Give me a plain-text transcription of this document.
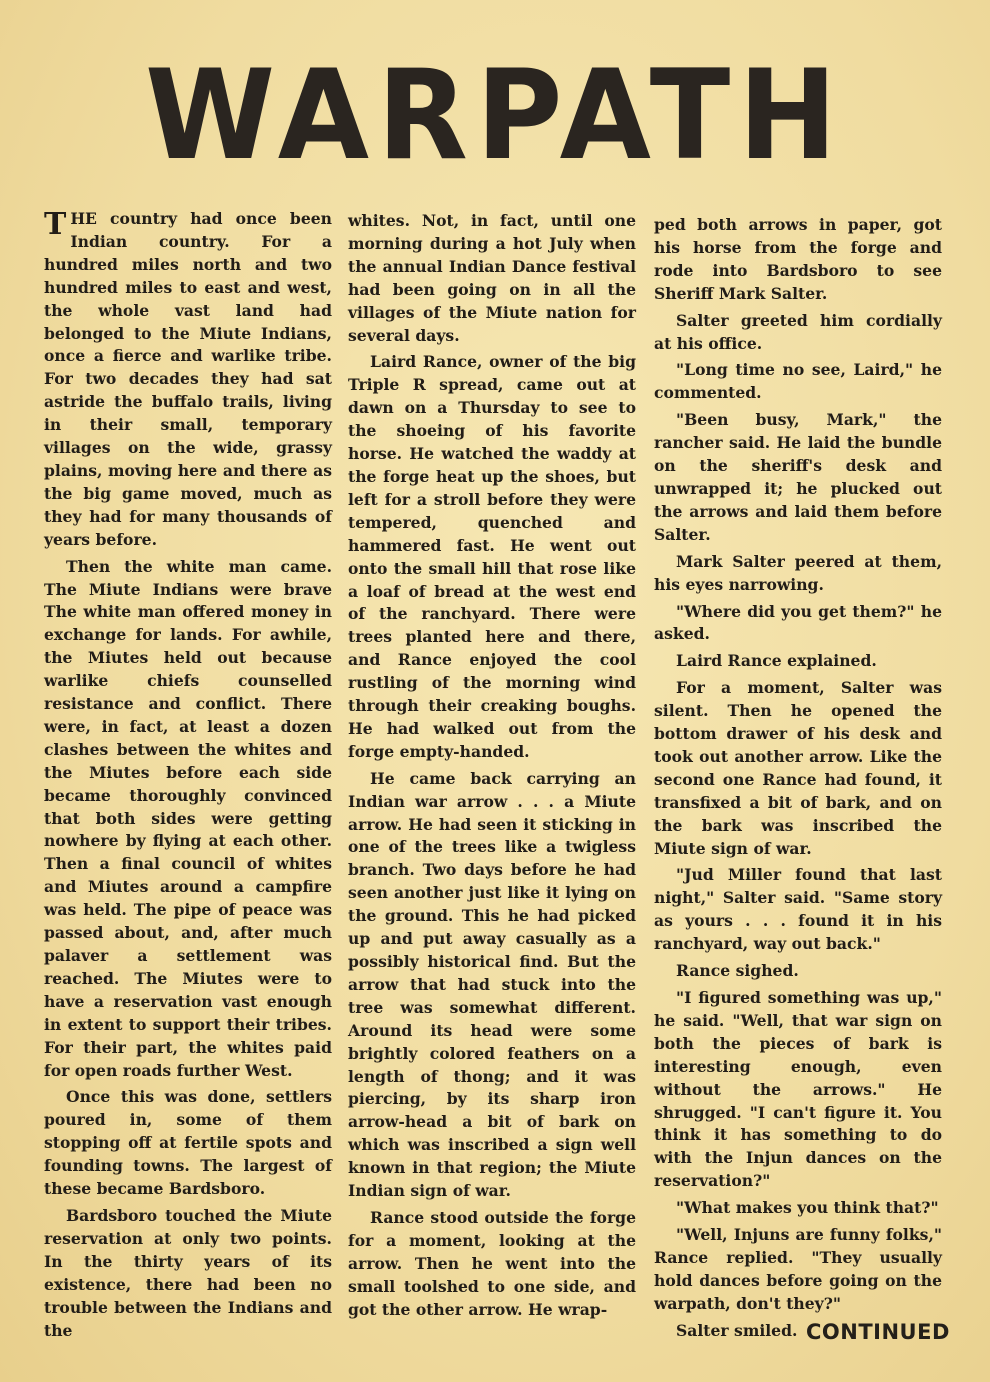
WARPATH

THE country had once been Indian country. For a hundred miles north and two hundred miles to east and west, the whole vast land had belonged to the Miute Indians, once a fierce and warlike tribe. For two decades they had sat astride the buffalo trails, living in their small, temporary villages on the wide, grassy plains, moving here and there as the big game moved, much as they had for many thousands of years before.

Then the white man came. The Miute Indians were brave The white man offered money in exchange for lands. For awhile, the Miutes held out because warlike chiefs counselled resistance and conflict. There were, in fact, at least a dozen clashes between the whites and the Miutes before each side became thoroughly convinced that both sides were getting nowhere by flying at each other. Then a final council of whites and Miutes around a campfire was held. The pipe of peace was passed about, and, after much palaver a settlement was reached. The Miutes were to have a reservation vast enough in extent to support their tribes. For their part, the whites paid for open roads further West.

Once this was done, settlers poured in, some of them stopping off at fertile spots and founding towns. The largest of these became Bardsboro.

Bardsboro touched the Miute reservation at only two points. In the thirty years of its existence, there had been no trouble between the Indians and the

whites. Not, in fact, until one morning during a hot July when the annual Indian Dance festival had been going on in all the villages of the Miute nation for several days.

Laird Rance, owner of the big Triple R spread, came out at dawn on a Thursday to see to the shoeing of his favorite horse. He watched the waddy at the forge heat up the shoes, but left for a stroll before they were tempered, quenched and hammered fast. He went out onto the small hill that rose like a loaf of bread at the west end of the ranchyard. There were trees planted here and there, and Rance enjoyed the cool rustling of the morning wind through their creaking boughs. He had walked out from the forge empty-handed.

He came back carrying an Indian war arrow . . . a Miute arrow. He had seen it sticking in one of the trees like a twigless branch. Two days before he had seen another just like it lying on the ground. This he had picked up and put away casually as a possibly historical find. But the arrow that had stuck into the tree was somewhat different. Around its head were some brightly colored feathers on a length of thong; and it was piercing, by its sharp iron arrow-head a bit of bark on which was inscribed a sign well known in that region; the Miute Indian sign of war.

Rance stood outside the forge for a moment, looking at the arrow. Then he went into the small toolshed to one side, and got the other arrow. He wrap-

ped both arrows in paper, got his horse from the forge and rode into Bardsboro to see Sheriff Mark Salter.

Salter greeted him cordially at his office.

"Long time no see, Laird," he commented.

"Been busy, Mark," the rancher said. He laid the bundle on the sheriff's desk and unwrapped it; he plucked out the arrows and laid them before Salter.

Mark Salter peered at them, his eyes narrowing.

"Where did you get them?" he asked.

Laird Rance explained.

For a moment, Salter was silent. Then he opened the bottom drawer of his desk and took out another arrow. Like the second one Rance had found, it transfixed a bit of bark, and on the bark was inscribed the Miute sign of war.

"Jud Miller found that last night," Salter said. "Same story as yours . . . found it in his ranchyard, way out back."

Rance sighed.

"I figured something was up," he said. "Well, that war sign on both the pieces of bark is interesting enough, even without the arrows." He shrugged. "I can't figure it. You think it has something to do with the Injun dances on the reservation?"

"What makes you think that?"

"Well, Injuns are funny folks," Rance replied. "They usually hold dances before going on the warpath, don't they?"

Salter smiled. CONTINUED
